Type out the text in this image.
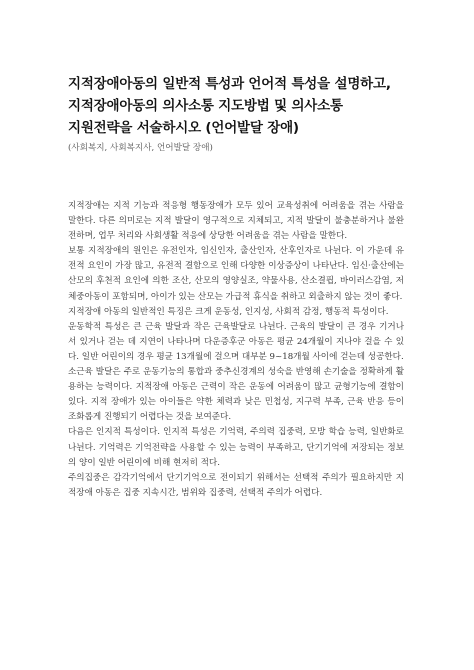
지적장애아동의 일반적 특성과 언어적 특성을 설명하고, 지적장애아동의 의사소통 지도방법 및 의사소통 지원전략을 서술하시오 (언어발달 장애)
(사회복지, 사회복지사, 언어발달 장애)

지적장애는 지적 기능과 적응형 행동장애가 모두 있어 교육성취에 어려움을 겪는 사람을 말한다. 다른 의미로는 지적 발달이 영구적으로 지체되고, 지적 발달이 불충분하거나 불완전하며, 업무 처리와 사회생활 적응에 상당한 어려움을 겪는 사람을 말한다.

보통 지적장애의 원인은 유전인자, 임신인자, 출산인자, 산후인자로 나뉜다. 이 가운데 유전적 요인이 가장 많고, 유전적 결함으로 인해 다양한 이상증상이 나타난다. 임신·출산에는 산모의 후천적 요인에 의한 조산, 산모의 영양실조, 약물사용, 산소결핍, 바이러스감염, 저체중아동이 포함되며, 아이가 있는 산모는 가급적 휴식을 취하고 외출하지 않는 것이 좋다.

지적장애 아동의 일반적인 특징은 크게 운동성, 인지성, 사회적 감정, 행동적 특성이다.

운동학적 특성은 큰 근육 발달과 작은 근육발달로 나뉜다. 근육의 발달이 큰 경우 기거나 서 있거나 걷는 데 지연이 나타나며 다운증후군 아동은 평균 24개월이 지나야 걸을 수 있다. 일반 어린이의 경우 평균 13개월에 걸으며 대부분 9~18개월 사이에 걷는데 성공한다.

소근육 발달은 주로 운동기능의 통합과 중추신경계의 성숙을 반영해 손기술을 정확하게 활용하는 능력이다. 지적장애 아동은 근력이 작은 운동에 어려움이 많고 균형기능에 결함이 있다. 지적 장애가 있는 아이들은 약한 체력과 낮은 민첩성, 지구력 부족, 근육 반응 등이 조화롭게 진행되기 어렵다는 것을 보여준다.

다음은 인지적 특성이다. 인지적 특성은 기억력, 주의력 집중력, 모방 학습 능력, 일반화로 나뉜다. 기억력은 기억전략을 사용할 수 있는 능력이 부족하고, 단기기억에 저장되는 정보의 양이 일반 어린이에 비해 현저히 적다.

주의집중은 감각기억에서 단기기억으로 전이되기 위해서는 선택적 주의가 필요하지만 지적장애 아동은 집중 지속시간, 범위와 집중력, 선택적 주의가 어렵다.
